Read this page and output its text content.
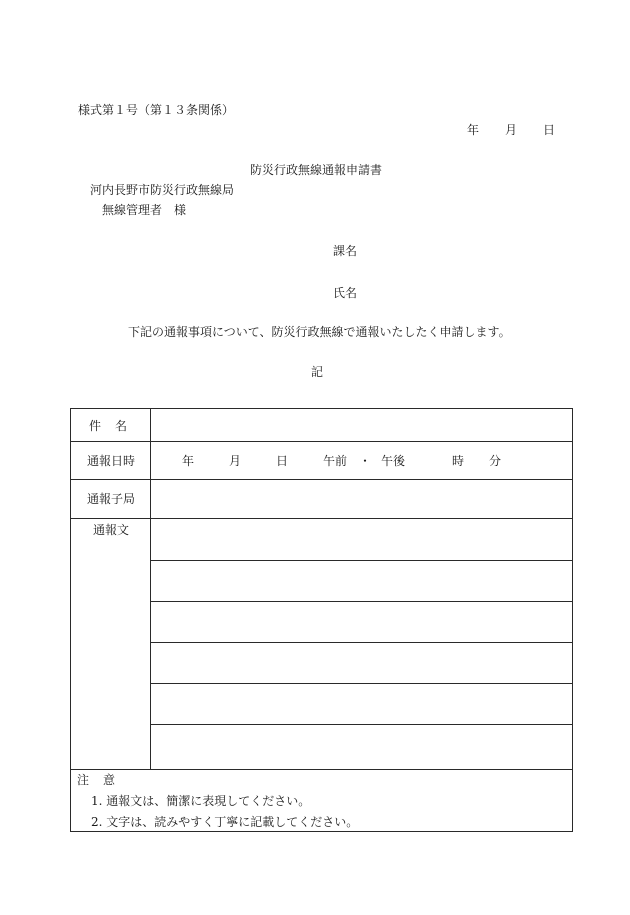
様式第１号（第１３条関係）
年 月 日
防災行政無線通報申請書
河内長野市防災行政無線局
無線管理者　様
課名
氏名
下記の通報事項について、防災行政無線で通報いたしたく申請します。
記
件名
通報日時	年	月	日	午前 ・ 午後	時 分
通報子局
通報文
注意
1. 通報文は、簡潔に表現してください。
2. 文字は、読みやすく丁寧に記載してください。
